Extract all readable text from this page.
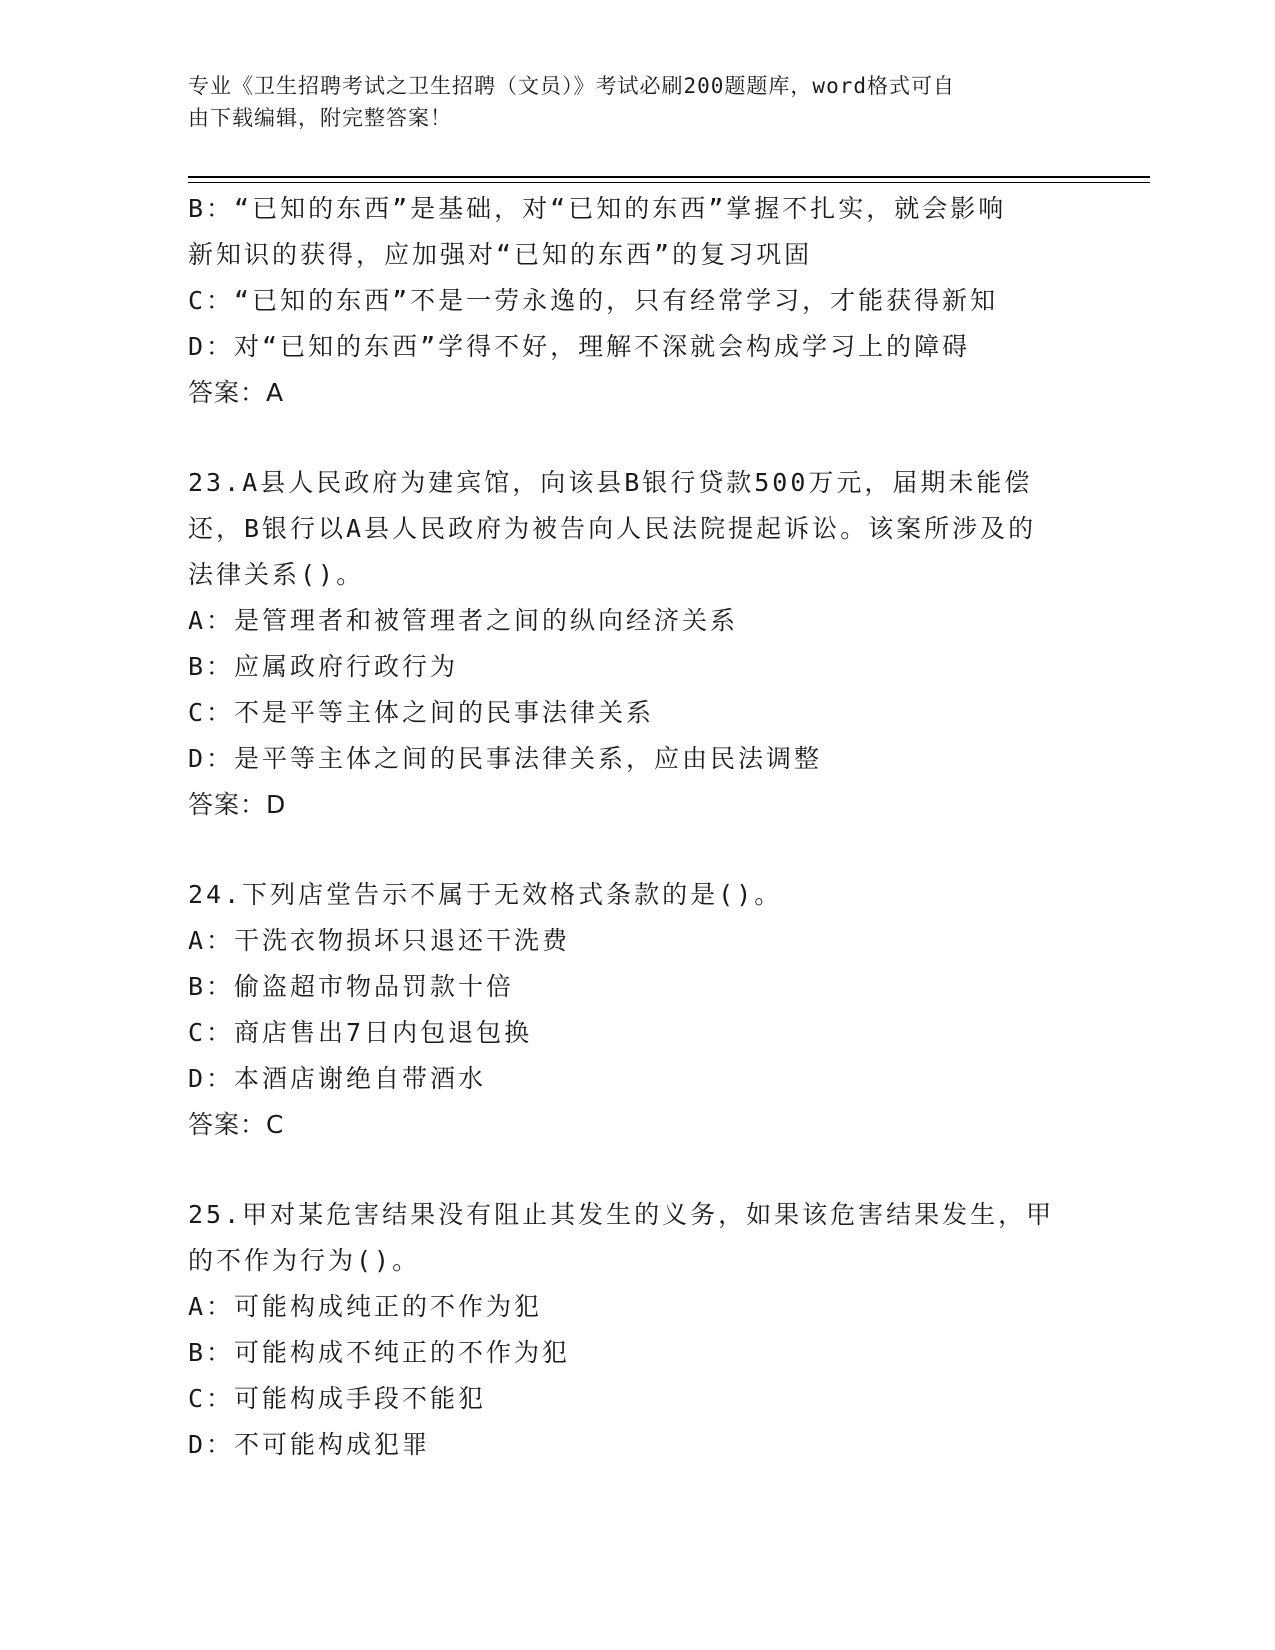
专业《卫生招聘考试之卫生招聘（文员）》考试必刷200题题库，word格式可自
由下载编辑，附完整答案！
B：“已知的东西”是基础，对“已知的东西”掌握不扎实，就会影响
新知识的获得，应加强对“已知的东西”的复习巩固
C：“已知的东西”不是一劳永逸的，只有经常学习，才能获得新知
D：对“已知的东西”学得不好，理解不深就会构成学习上的障碍
答案：A
23.A县人民政府为建宾馆，向该县B银行贷款500万元，届期未能偿
还，B银行以A县人民政府为被告向人民法院提起诉讼。该案所涉及的
法律关系()。
A：是管理者和被管理者之间的纵向经济关系
B：应属政府行政行为
C：不是平等主体之间的民事法律关系
D：是平等主体之间的民事法律关系，应由民法调整
答案：D
24.下列店堂告示不属于无效格式条款的是()。
A：干洗衣物损坏只退还干洗费
B：偷盗超市物品罚款十倍
C：商店售出7日内包退包换
D：本酒店谢绝自带酒水
答案：C
25.甲对某危害结果没有阻止其发生的义务，如果该危害结果发生，甲
的不作为行为()。
A：可能构成纯正的不作为犯
B：可能构成不纯正的不作为犯
C：可能构成手段不能犯
D：不可能构成犯罪
